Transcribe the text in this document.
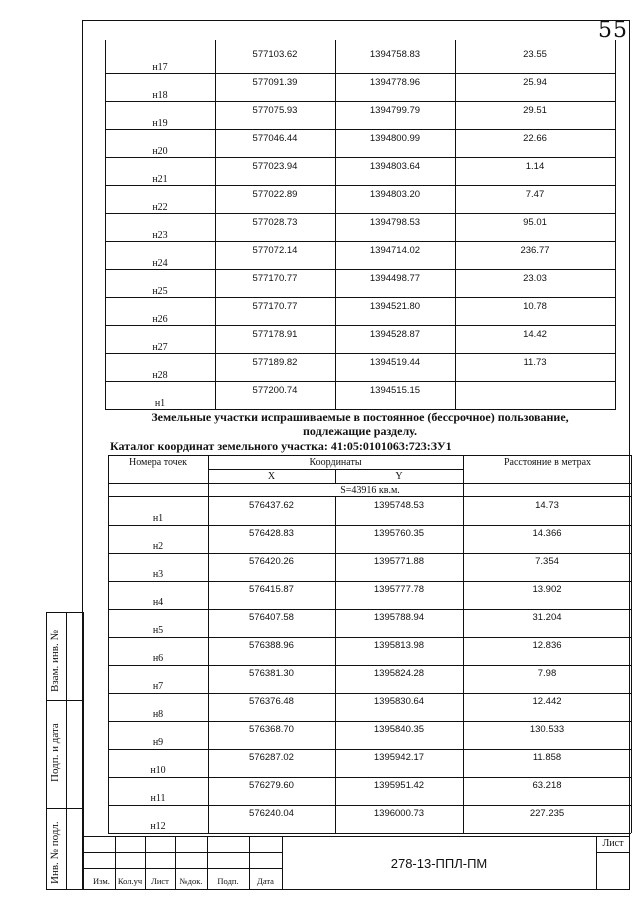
55
н17
577103.62	1394758.83	23.55
н18
577091.39	1394778.96	25.94
н19
577075.93	1394799.79	29.51
н20
577046.44	1394800.99	22.66
н21
577023.94	1394803.64	1.14
н22
577022.89	1394803.20	7.47
н23
577028.73	1394798.53	95.01
н24
577072.14	1394714.02	236.77
н25
577170.77	1394498.77	23.03
н26
577170.77	1394521.80	10.78
н27
577178.91	1394528.87	14.42
н28
577189.82	1394519.44	11.73
н1
577200.74	1394515.15
Земельные участки испрашиваемые в постоянное (бессрочное) пользование,
подлежащие разделу.
Каталог координат земельного участка: 41:05:0101063:723:ЗУ1
Номера точек	Координаты	Расстояние в метрах
X	Y
S=43916 кв.м.
н1
576437.62	1395748.53	14.73
н2
576428.83	1395760.35	14.366
н3
576420.26	1395771.88	7.354
н4
576415.87	1395777.78	13.902
н5
576407.58	1395788.94	31.204
н6
576388.96	1395813.98	12.836
н7
576381.30	1395824.28	7.98
н8
576376.48	1395830.64	12.442
н9
576368.70	1395840.35	130.533
н10
576287.02	1395942.17	11.858
н11
576279.60	1395951.42	63.218
н12
576240.04	1396000.73	227.235
Взам. инв. №
Подп. и дата
Инв. № подл.	Изм. Кол.уч	Лист	№док.	Подп.	Дата
278-13-ППЛ-ПМ
Лист
